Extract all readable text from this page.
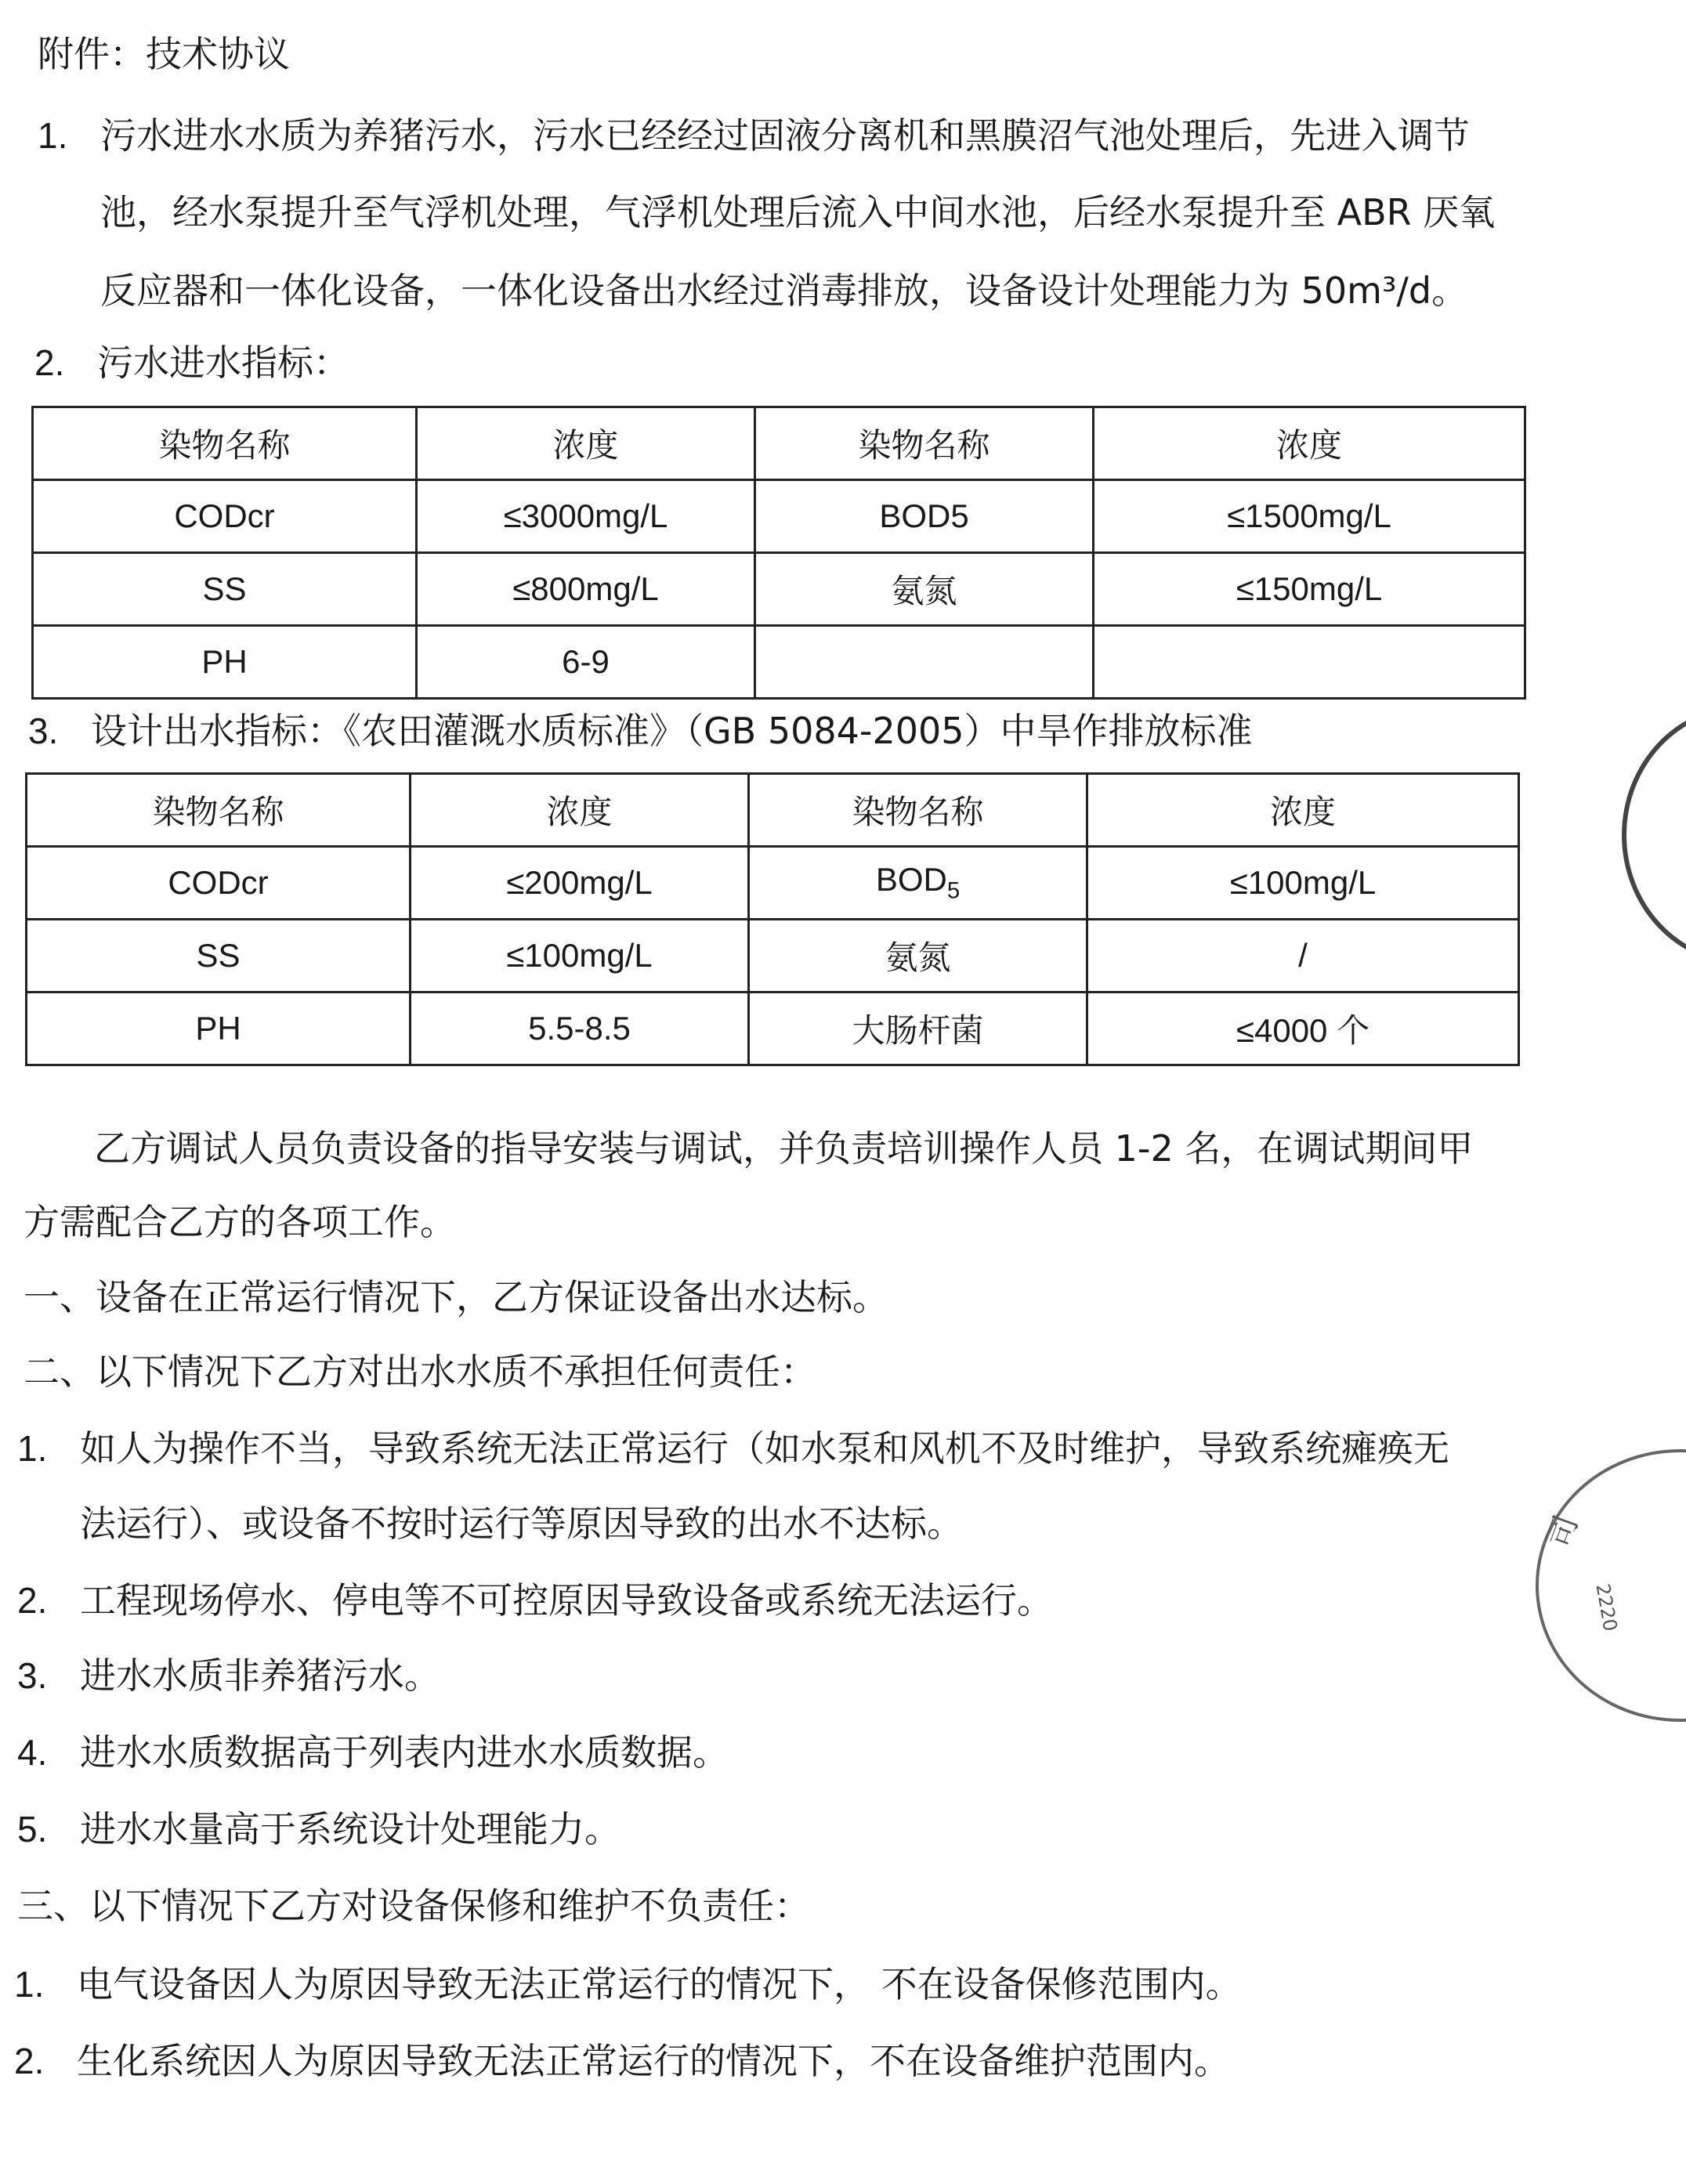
附件：技术协议
1. 污水进水水质为养猪污水，污水已经经过固液分离机和黑膜沼气池处理后，先进入调节
池，经水泵提升至气浮机处理，气浮机处理后流入中间水池，后经水泵提升至 ABR 厌氧
反应器和一体化设备，一体化设备出水经过消毒排放，设备设计处理能力为 50m³/d。
2. 污水进水指标：
染物名称	浓度	染物名称	浓度
CODcr	≤3000mg/L	BOD5	≤1500mg/L
SS	≤800mg/L	氨氮	≤150mg/L
PH	6-9		
3. 设计出水指标：《农田灌溉水质标准》（GB 5084-2005）中旱作排放标准
染物名称	浓度	染物名称	浓度
CODcr	≤200mg/L	$BOD_5$	≤100mg/L
SS	≤100mg/L	氨氮	/
PH	5.5-8.5	大肠杆菌	≤4000 个
乙方调试人员负责设备的指导安装与调试，并负责培训操作人员 1-2 名，在调试期间甲
方需配合乙方的各项工作。
一、设备在正常运行情况下，乙方保证设备出水达标。
二、以下情况下乙方对出水水质不承担任何责任：
1. 如人为操作不当，导致系统无法正常运行（如水泵和风机不及时维护，导致系统瘫痪无
法运行）、或设备不按时运行等原因导致的出水不达标。
2. 工程现场停水、停电等不可控原因导致设备或系统无法运行。
3. 进水水质非养猪污水。
4. 进水水质数据高于列表内进水水质数据。
5. 进水水量高于系统设计处理能力。
三、以下情况下乙方对设备保修和维护不负责任：
1. 电气设备因人为原因导致无法正常运行的情况下， 不在设备保修范围内。
2. 生化系统因人为原因导致无法正常运行的情况下，不在设备维护范围内。
司
2220
